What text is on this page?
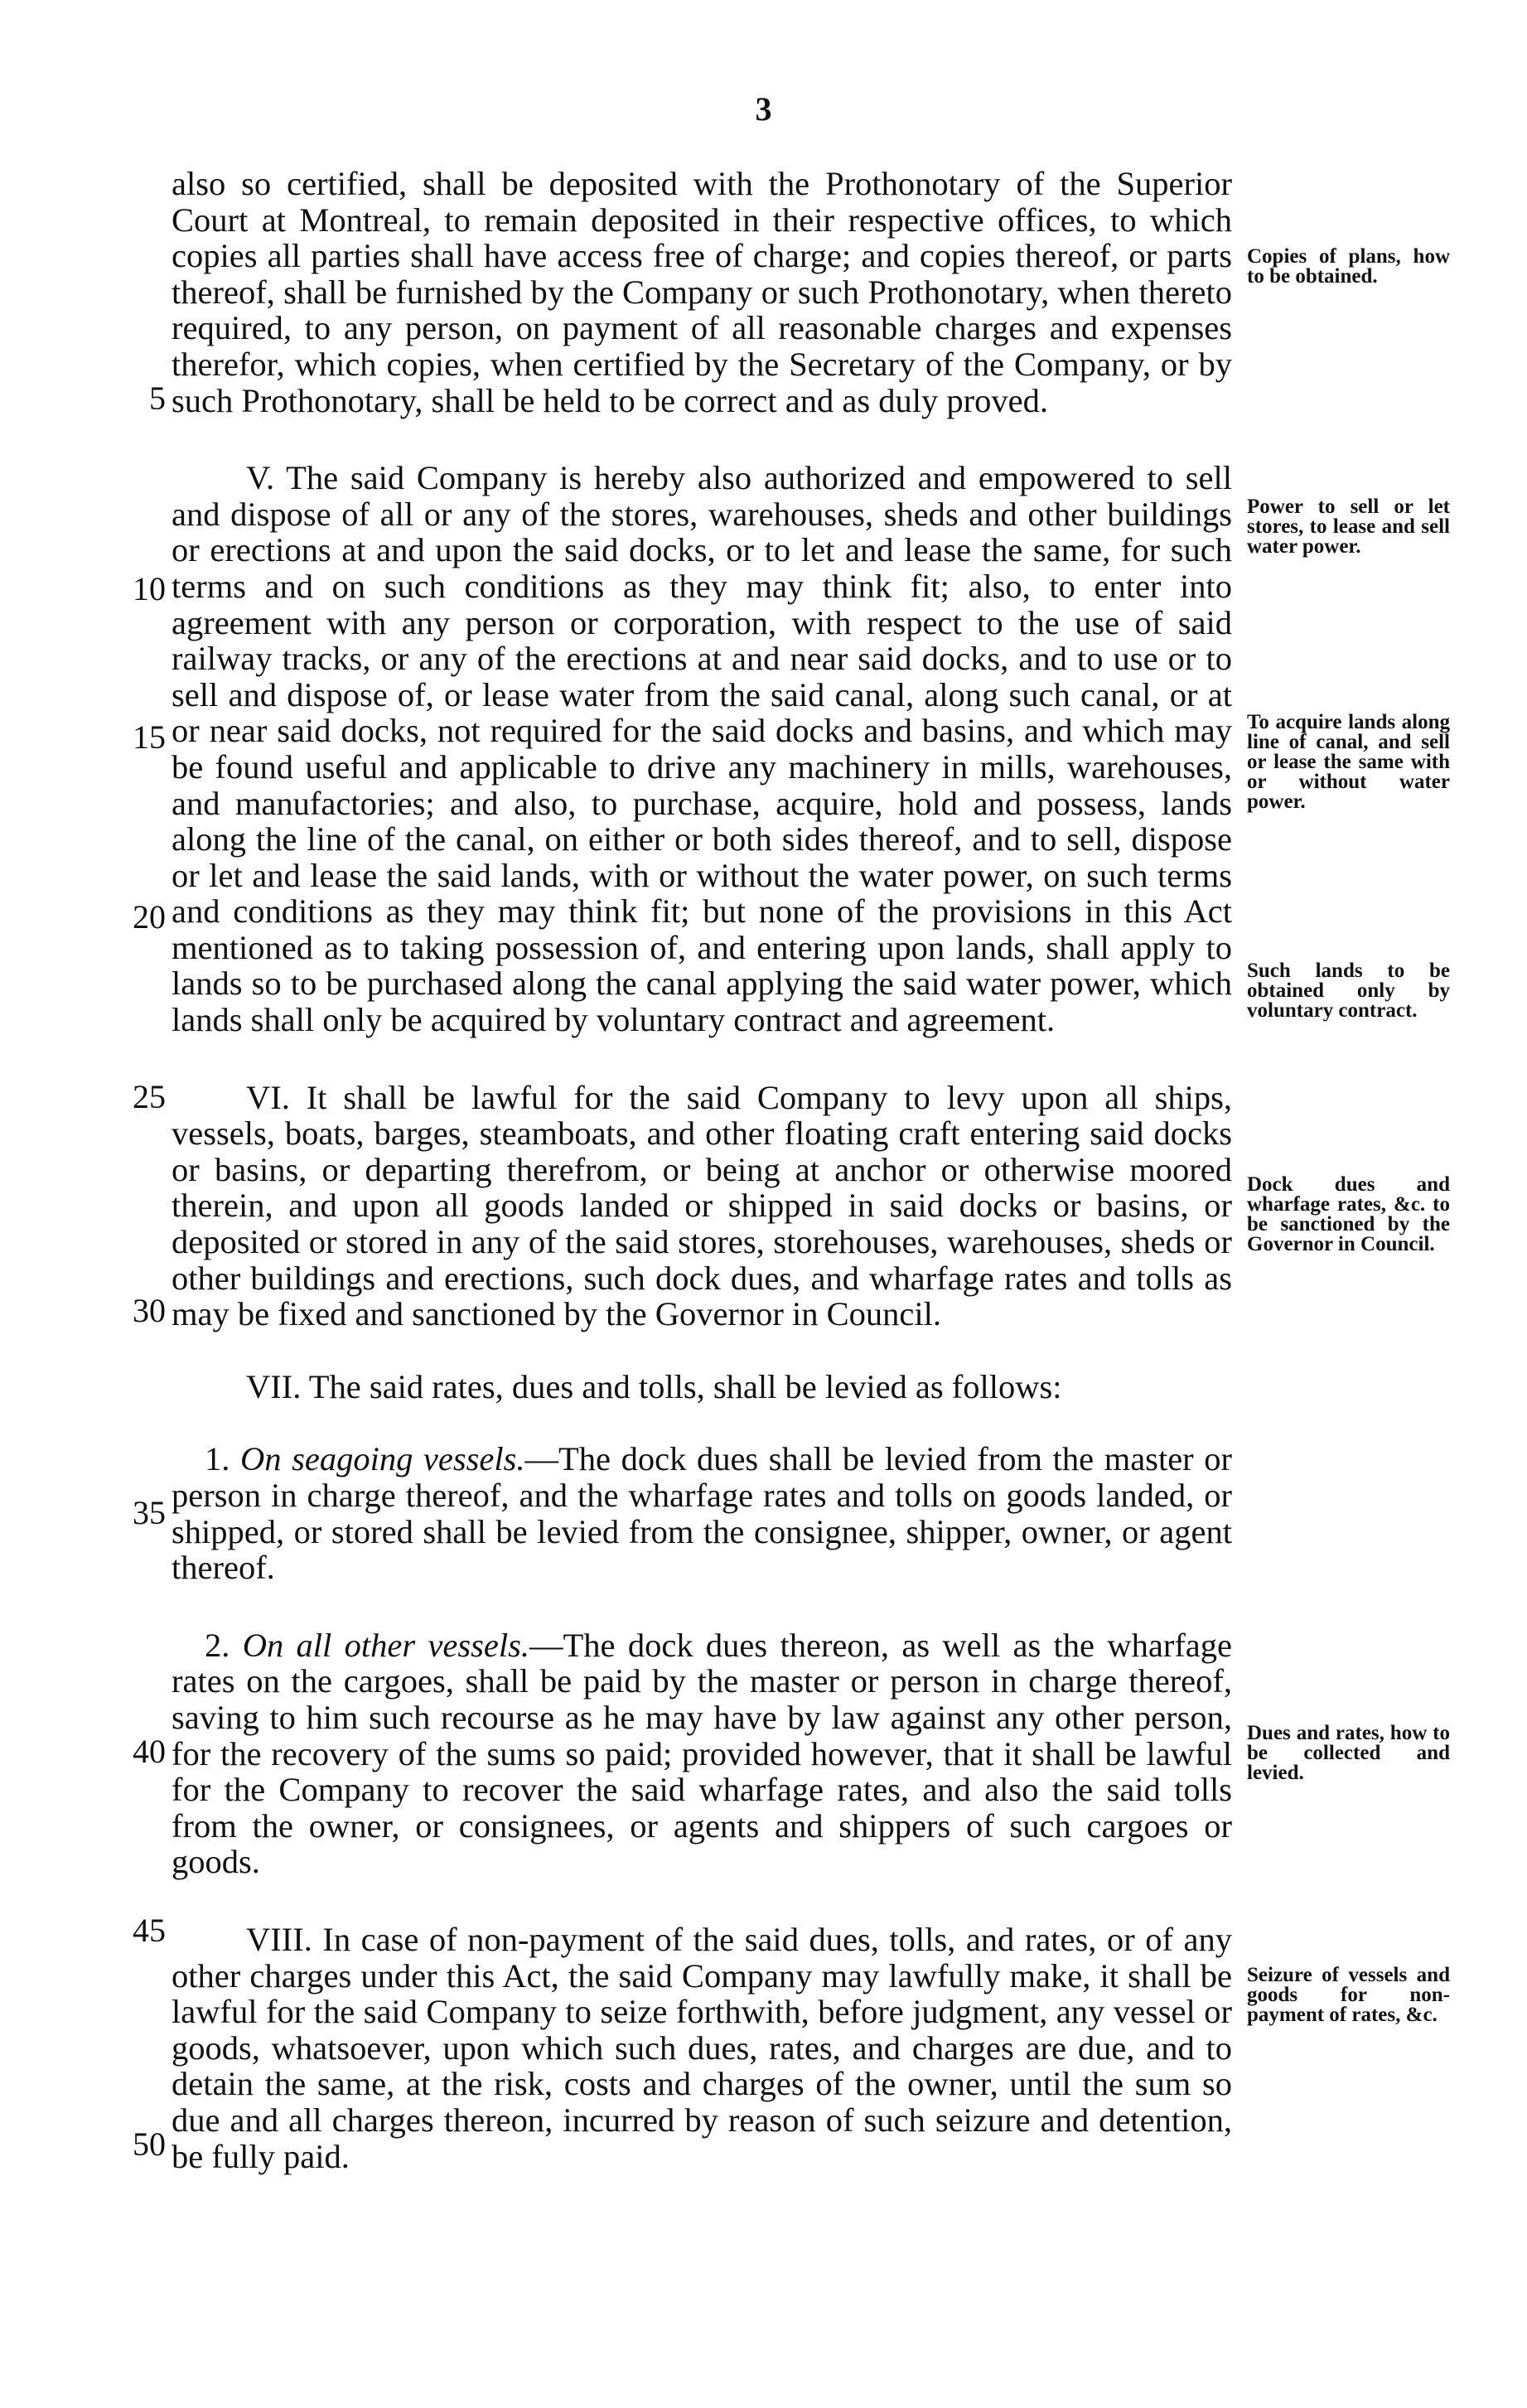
3
5
10
15
20
25
30
35
40
45
50

also so certified, shall be deposited with the Prothonotary of the Superior Court at Montreal, to remain deposited in their respective offices, to which copies all parties shall have access free of charge; and copies thereof, or parts thereof, shall be furnished by the Company or such Prothonotary, when thereto required, to any person, on payment of all reasonable charges and expenses therefor, which copies, when certified by the Secretary of the Company, or by such Prothonotary, shall be held to be correct and as duly proved.

V. The said Company is hereby also authorized and empowered to sell and dispose of all or any of the stores, warehouses, sheds and other buildings or erections at and upon the said docks, or to let and lease the same, for such terms and on such conditions as they may think fit; also, to enter into agreement with any person or corporation, with respect to the use of said railway tracks, or any of the erections at and near said docks, and to use or to sell and dispose of, or lease water from the said canal, along such canal, or at or near said docks, not required for the said docks and basins, and which may be found useful and applicable to drive any machinery in mills, warehouses, and manufactories; and also, to purchase, acquire, hold and possess, lands along the line of the canal, on either or both sides thereof, and to sell, dispose or let and lease the said lands, with or without the water power, on such terms and conditions as they may think fit; but none of the provisions in this Act mentioned as to taking possession of, and entering upon lands, shall apply to lands so to be purchased along the canal applying the said water power, which lands shall only be acquired by voluntary contract and agreement.

VI. It shall be lawful for the said Company to levy upon all ships, vessels, boats, barges, steamboats, and other floating craft entering said docks or basins, or departing therefrom, or being at anchor or otherwise moored therein, and upon all goods landed or shipped in said docks or basins, or deposited or stored in any of the said stores, storehouses, warehouses, sheds or other buildings and erections, such dock dues, and wharfage rates and tolls as may be fixed and sanctioned by the Governor in Council.

VII. The said rates, dues and tolls, shall be levied as follows:

1. On seagoing vessels.—The dock dues shall be levied from the master or person in charge thereof, and the wharfage rates and tolls on goods landed, or shipped, or stored shall be levied from the consignee, shipper, owner, or agent thereof.

2. On all other vessels.—The dock dues thereon, as well as the wharfage rates on the cargoes, shall be paid by the master or person in charge thereof, saving to him such recourse as he may have by law against any other person, for the recovery of the sums so paid; provided however, that it shall be lawful for the Company to recover the said wharfage rates, and also the said tolls from the owner, or consignees, or agents and shippers of such cargoes or goods.

VIII. In case of non-payment of the said dues, tolls, and rates, or of any other charges under this Act, the said Company may lawfully make, it shall be lawful for the said Company to seize forthwith, before judgment, any vessel or goods, whatsoever, upon which such dues, rates, and charges are due, and to detain the same, at the risk, costs and charges of the owner, until the sum so due and all charges thereon, incurred by reason of such seizure and detention, be fully paid.

Copies of plans, how to be obtained.
Power to sell or let stores, to lease and sell water power.
To acquire lands along line of canal, and sell or lease the same with or without water power.
Such lands to be obtained only by voluntary contract.
Dock dues and wharfage rates, &c. to be sanctioned by the Governor in Council.
Dues and rates, how to be collected and levied.
Seizure of vessels and goods for non-payment of rates, &c.
